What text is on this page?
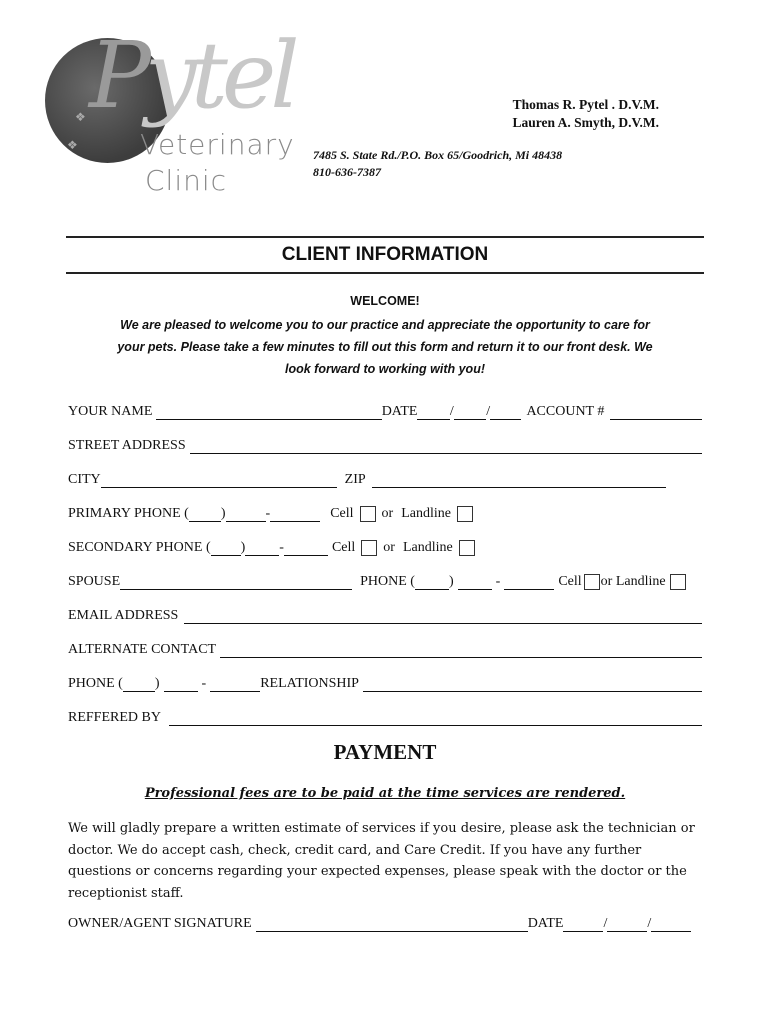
Pytel
❖
❖ Veterinary
Clinic
Thomas R. Pytel . D.V.M.
Lauren A. Smyth, D.V.M.
7485 S. State Rd./P.O. Box 65/Goodrich, Mi 48438
810-636-7387
CLIENT INFORMATION
WELCOME!
We are pleased to welcome you to our practice and appreciate the opportunity to care for your pets. Please take a few minutes to fill out this form and return it to our front desk. We look forward to working with you!
YOUR NAME	DATE / /	ACCOUNT #
STREET ADDRESS
CITY	ZIP
PRIMARY PHONE ( )	-	Cell or Landline
SECONDARY PHONE ( ) -	Cell or Landline
SPOUSE	PHONE ( )	-	Cell or Landline
EMAIL ADDRESS
ALTERNATE CONTACT
PHONE ( )	-	RELATIONSHIP
REFFERED BY
PAYMENT
Professional fees are to be paid at the time services are rendered.
We will gladly prepare a written estimate of services if you desire, please ask the technician or doctor. We do accept cash, check, credit card, and Care Credit. If you have any further questions or concerns regarding your expected expenses, please speak with the doctor or the receptionist staff.
OWNER/AGENT SIGNATURE	DATE	/	/
